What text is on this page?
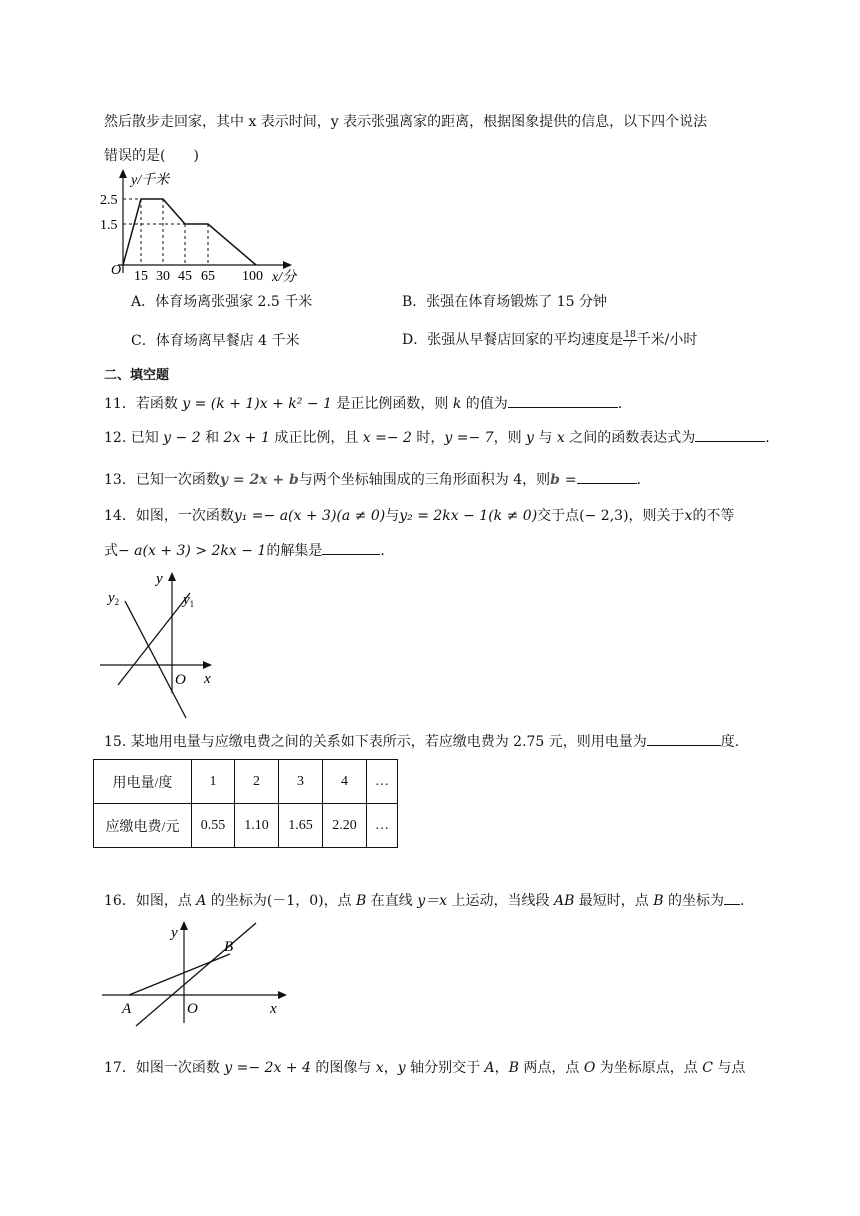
然后散步走回家，其中 x 表示时间，y 表示张强离家的距离，根据图象提供的信息，以下四个说法
错误的是(　　)
y/千米
x/分
O
2.5
1.5
15 30 45 65 100
A．体育场离张强家 2.5 千米	B．张强在体育场锻炼了 15 分钟
C．体育场离早餐店 4 千米	D．张强从早餐店回家的平均速度是 $\frac{18}{7}$ 千米/小时
二、填空题
11．若函数 y = (k + 1)x + k² − 1 是正比例函数，则 k 的值为	.
12. 已知 y − 2 和 2x + 1 成正比例，且 x =− 2 时，y =− 7，则 y 与 x 之间的函数表达式为	.
13．已知一次函数y = 2x + b与两个坐标轴围成的三角形面积为 4，则b =	.
14．如图，一次函数y₁ =− a(x + 3)(a ≠ 0)与y₂ = 2kx − 1(k ≠ 0)交于点(− 2,3)，则关于x的不等
式− a(x + 3) > 2kx − 1的解集是	.
y
x
O
$y_1$
$y_2$
15. 某地用电量与应缴电费之间的关系如下表所示，若应缴电费为 2.75 元，则用电量为	度.
用电量/度	1	2	3	4	…
应缴电费/元	0.55	1.10	1.65	2.20	…
16．如图，点 A 的坐标为(－1，0)，点 B 在直线 y＝x 上运动，当线段 AB 最短时，点 B 的坐标为 .
y
x
O
A
B
17．如图一次函数 y =− 2x + 4 的图像与 x，y 轴分别交于 A，B 两点，点 O 为坐标原点，点 C 与点
